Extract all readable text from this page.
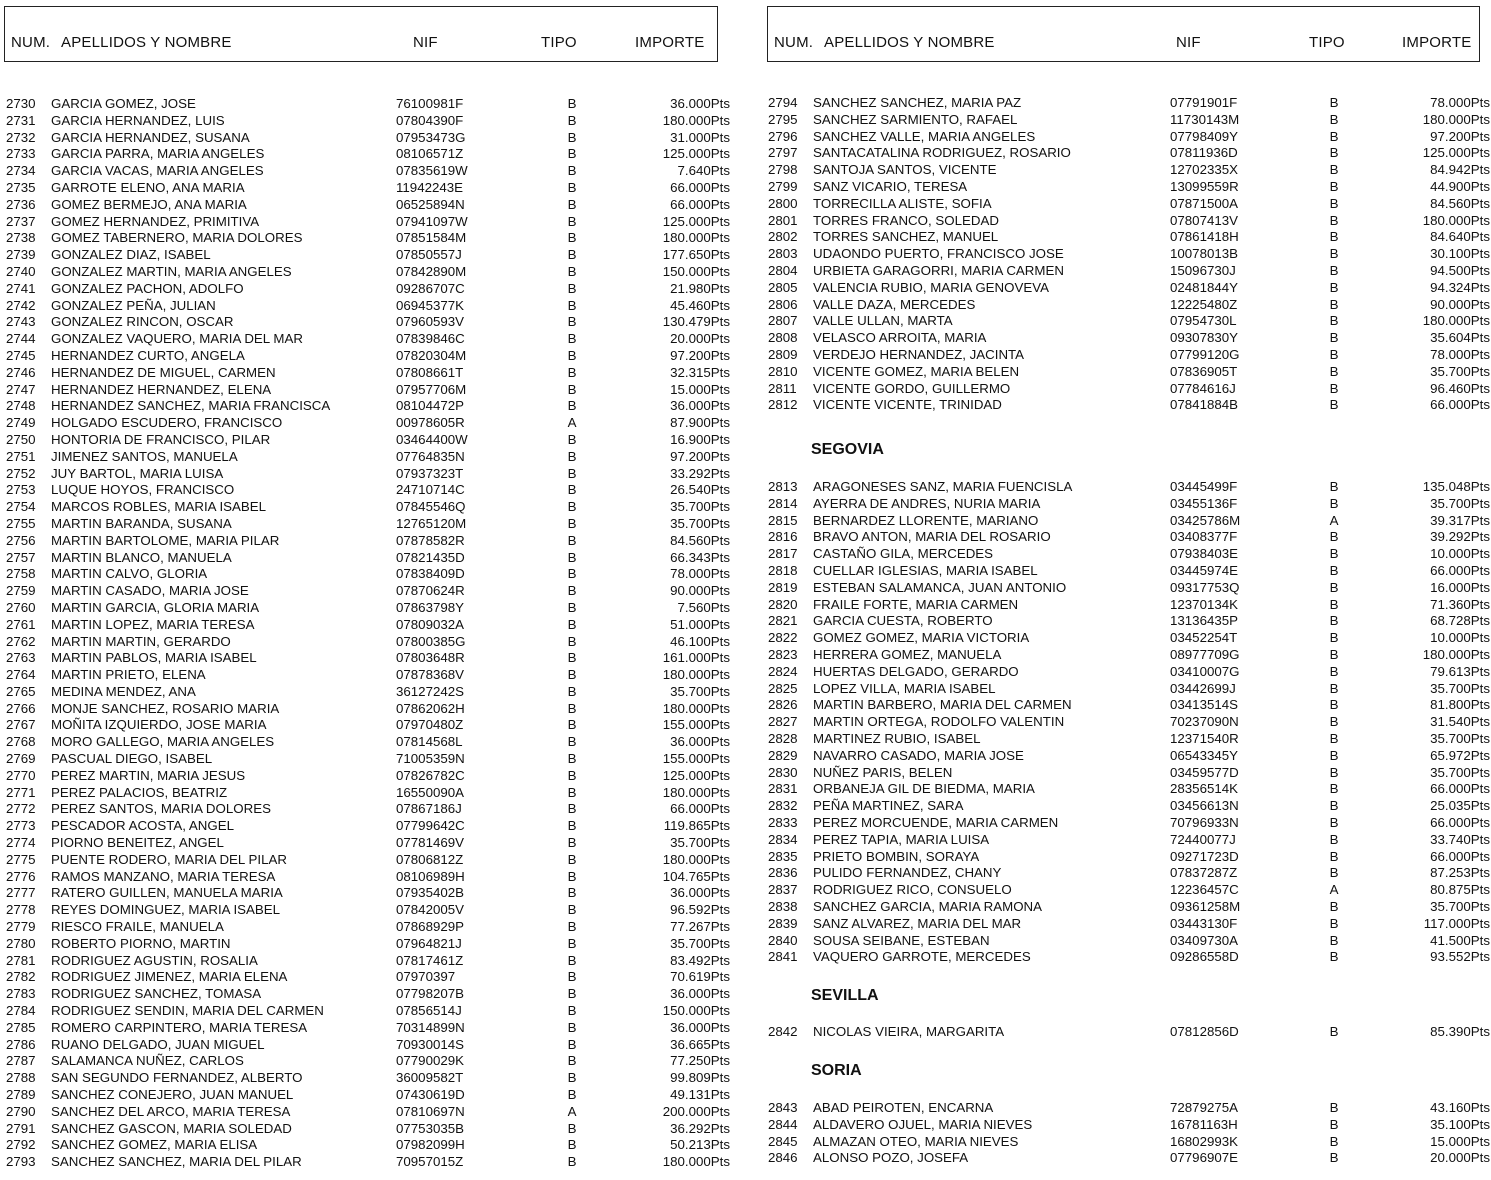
NUM. APELLIDOS Y NOMBRE	NIF	TIPO	IMPORTE	NUM. APELLIDOS Y NOMBRE	NIF	TIPO	IMPORTE
2730 GARCIA GOMEZ, JOSE	76100981F	B	36.000Pts
2731 GARCIA HERNANDEZ, LUIS	07804390F	B	180.000Pts
2732 GARCIA HERNANDEZ, SUSANA	07953473G	B	31.000Pts
2733 GARCIA PARRA, MARIA ANGELES	08106571Z	B	125.000Pts
2734 GARCIA VACAS, MARIA ANGELES	07835619W	B	7.640Pts
2735 GARROTE ELENO, ANA MARIA	11942243E	B	66.000Pts
2736 GOMEZ BERMEJO, ANA MARIA	06525894N	B	66.000Pts
2737 GOMEZ HERNANDEZ, PRIMITIVA	07941097W	B	125.000Pts
2738 GOMEZ TABERNERO, MARIA DOLORES	07851584M	B	180.000Pts
2739 GONZALEZ DIAZ, ISABEL	07850557J	B	177.650Pts
2740 GONZALEZ MARTIN, MARIA ANGELES	07842890M	B	150.000Pts
2741 GONZALEZ PACHON, ADOLFO	09286707C	B	21.980Pts
2742 GONZALEZ PEÑA, JULIAN	06945377K	B	45.460Pts
2743 GONZALEZ RINCON, OSCAR	07960593V	B	130.479Pts
2744 GONZALEZ VAQUERO, MARIA DEL MAR	07839846C	B	20.000Pts
2745 HERNANDEZ CURTO, ANGELA	07820304M	B	97.200Pts
2746 HERNANDEZ DE MIGUEL, CARMEN	07808661T	B	32.315Pts
2747 HERNANDEZ HERNANDEZ, ELENA	07957706M	B	15.000Pts
2748 HERNANDEZ SANCHEZ, MARIA FRANCISCA	08104472P	B	36.000Pts
2749 HOLGADO ESCUDERO, FRANCISCO	00978605R	A	87.900Pts
2750 HONTORIA DE FRANCISCO, PILAR	03464400W	B	16.900Pts
2751 JIMENEZ SANTOS, MANUELA	07764835N	B	97.200Pts
2752 JUY BARTOL, MARIA LUISA	07937323T	B	33.292Pts
2753 LUQUE HOYOS, FRANCISCO	24710714C	B	26.540Pts
2754 MARCOS ROBLES, MARIA ISABEL	07845546Q	B	35.700Pts
2755 MARTIN BARANDA, SUSANA	12765120M	B	35.700Pts
2756 MARTIN BARTOLOME, MARIA PILAR	07878582R	B	84.560Pts
2757 MARTIN BLANCO, MANUELA	07821435D	B	66.343Pts
2758 MARTIN CALVO, GLORIA	07838409D	B	78.000Pts
2759 MARTIN CASADO, MARIA JOSE	07870624R	B	90.000Pts
2760 MARTIN GARCIA, GLORIA MARIA	07863798Y	B	7.560Pts
2761 MARTIN LOPEZ, MARIA TERESA	07809032A	B	51.000Pts
2762 MARTIN MARTIN, GERARDO	07800385G	B	46.100Pts
2763 MARTIN PABLOS, MARIA ISABEL	07803648R	B	161.000Pts
2764 MARTIN PRIETO, ELENA	07878368V	B	180.000Pts
2765 MEDINA MENDEZ, ANA	36127242S	B	35.700Pts
2766 MONJE SANCHEZ, ROSARIO MARIA	07862062H	B	180.000Pts
2767 MOÑITA IZQUIERDO, JOSE MARIA	07970480Z	B	155.000Pts
2768 MORO GALLEGO, MARIA ANGELES	07814568L	B	36.000Pts
2769 PASCUAL DIEGO, ISABEL	71005359N	B	155.000Pts
2770 PEREZ MARTIN, MARIA JESUS	07826782C	B	125.000Pts
2771 PEREZ PALACIOS, BEATRIZ	16550090A	B	180.000Pts
2772 PEREZ SANTOS, MARIA DOLORES	07867186J	B	66.000Pts
2773 PESCADOR ACOSTA, ANGEL	07799642C	B	119.865Pts
2774 PIORNO BENEITEZ, ANGEL	07781469V	B	35.700Pts
2775 PUENTE RODERO, MARIA DEL PILAR	07806812Z	B	180.000Pts
2776 RAMOS MANZANO, MARIA TERESA	08106989H	B	104.765Pts
2777 RATERO GUILLEN, MANUELA MARIA	07935402B	B	36.000Pts
2778 REYES DOMINGUEZ, MARIA ISABEL	07842005V	B	96.592Pts
2779 RIESCO FRAILE, MANUELA	07868929P	B	77.267Pts
2780 ROBERTO PIORNO, MARTIN	07964821J	B	35.700Pts
2781 RODRIGUEZ AGUSTIN, ROSALIA	07817461Z	B	83.492Pts
2782 RODRIGUEZ JIMENEZ, MARIA ELENA	07970397	B	70.619Pts
2783 RODRIGUEZ SANCHEZ, TOMASA	07798207B	B	36.000Pts
2784 RODRIGUEZ SENDIN, MARIA DEL CARMEN	07856514J	B	150.000Pts
2785 ROMERO CARPINTERO, MARIA TERESA	70314899N	B	36.000Pts
2786 RUANO DELGADO, JUAN MIGUEL	70930014S	B	36.665Pts
2787 SALAMANCA NUÑEZ, CARLOS	07790029K	B	77.250Pts
2788 SAN SEGUNDO FERNANDEZ, ALBERTO	36009582T	B	99.809Pts
2789 SANCHEZ CONEJERO, JUAN MANUEL	07430619D	B	49.131Pts
2790 SANCHEZ DEL ARCO, MARIA TERESA	07810697N	A	200.000Pts
2791 SANCHEZ GASCON, MARIA SOLEDAD	07753035B	B	36.292Pts
2792 SANCHEZ GOMEZ, MARIA ELISA	07982099H	B	50.213Pts
2793 SANCHEZ SANCHEZ, MARIA DEL PILAR	70957015Z	B	180.000Pts
2794 SANCHEZ SANCHEZ, MARIA PAZ	07791901F	B	78.000Pts
2795 SANCHEZ SARMIENTO, RAFAEL	11730143M	B	180.000Pts
2796 SANCHEZ VALLE, MARIA ANGELES	07798409Y	B	97.200Pts
2797 SANTACATALINA RODRIGUEZ, ROSARIO	07811936D	B	125.000Pts
2798 SANTOJA SANTOS, VICENTE	12702335X	B	84.942Pts
2799 SANZ VICARIO, TERESA	13099559R	B	44.900Pts
2800 TORRECILLA ALISTE, SOFIA	07871500A	B	84.560Pts
2801 TORRES FRANCO, SOLEDAD	07807413V	B	180.000Pts
2802 TORRES SANCHEZ, MANUEL	07861418H	B	84.640Pts
2803 UDAONDO PUERTO, FRANCISCO JOSE	10078013B	B	30.100Pts
2804 URBIETA GARAGORRI, MARIA CARMEN	15096730J	B	94.500Pts
2805 VALENCIA RUBIO, MARIA GENOVEVA	02481844Y	B	94.324Pts
2806 VALLE DAZA, MERCEDES	12225480Z	B	90.000Pts
2807 VALLE ULLAN, MARTA	07954730L	B	180.000Pts
2808 VELASCO ARROITA, MARIA	09307830Y	B	35.604Pts
2809 VERDEJO HERNANDEZ, JACINTA	07799120G	B	78.000Pts
2810 VICENTE GOMEZ, MARIA BELEN	07836905T	B	35.700Pts
2811 VICENTE GORDO, GUILLERMO	07784616J	B	96.460Pts
2812 VICENTE VICENTE, TRINIDAD	07841884B	B	66.000Pts
SEGOVIA
2813 ARAGONESES SANZ, MARIA FUENCISLA	03445499F	B	135.048Pts
2814 AYERRA DE ANDRES, NURIA MARIA	03455136F	B	35.700Pts
2815 BERNARDEZ LLORENTE, MARIANO	03425786M	A	39.317Pts
2816 BRAVO ANTON, MARIA DEL ROSARIO	03408377F	B	39.292Pts
2817 CASTAÑO GILA, MERCEDES	07938403E	B	10.000Pts
2818 CUELLAR IGLESIAS, MARIA ISABEL	03445974E	B	66.000Pts
2819 ESTEBAN SALAMANCA, JUAN ANTONIO	09317753Q	B	16.000Pts
2820 FRAILE FORTE, MARIA CARMEN	12370134K	B	71.360Pts
2821 GARCIA CUESTA, ROBERTO	13136435P	B	68.728Pts
2822 GOMEZ GOMEZ, MARIA VICTORIA	03452254T	B	10.000Pts
2823 HERRERA GOMEZ, MANUELA	08977709G	B	180.000Pts
2824 HUERTAS DELGADO, GERARDO	03410007G	B	79.613Pts
2825 LOPEZ VILLA, MARIA ISABEL	03442699J	B	35.700Pts
2826 MARTIN BARBERO, MARIA DEL CARMEN	03413514S	B	81.800Pts
2827 MARTIN ORTEGA, RODOLFO VALENTIN	70237090N	B	31.540Pts
2828 MARTINEZ RUBIO, ISABEL	12371540R	B	35.700Pts
2829 NAVARRO CASADO, MARIA JOSE	06543345Y	B	65.972Pts
2830 NUÑEZ PARIS, BELEN	03459577D	B	35.700Pts
2831 ORBANEJA GIL DE BIEDMA, MARIA	28356514K	B	66.000Pts
2832 PEÑA MARTINEZ, SARA	03456613N	B	25.035Pts
2833 PEREZ MORCUENDE, MARIA CARMEN	70796933N	B	66.000Pts
2834 PEREZ TAPIA, MARIA LUISA	72440077J	B	33.740Pts
2835 PRIETO BOMBIN, SORAYA	09271723D	B	66.000Pts
2836 PULIDO FERNANDEZ, CHANY	07837287Z	B	87.253Pts
2837 RODRIGUEZ RICO, CONSUELO	12236457C	A	80.875Pts
2838 SANCHEZ GARCIA, MARIA RAMONA	09361258M	B	35.700Pts
2839 SANZ ALVAREZ, MARIA DEL MAR	03443130F	B	117.000Pts
2840 SOUSA SEIBANE, ESTEBAN	03409730A	B	41.500Pts
2841 VAQUERO GARROTE, MERCEDES	09286558D	B	93.552Pts
SEVILLA
2842 NICOLAS VIEIRA, MARGARITA	07812856D	B	85.390Pts
SORIA
2843 ABAD PEIROTEN, ENCARNA	72879275A	B	43.160Pts
2844 ALDAVERO OJUEL, MARIA NIEVES	16781163H	B	35.100Pts
2845 ALMAZAN OTEO, MARIA NIEVES	16802993K	B	15.000Pts
2846 ALONSO POZO, JOSEFA	07796907E	B	20.000Pts
